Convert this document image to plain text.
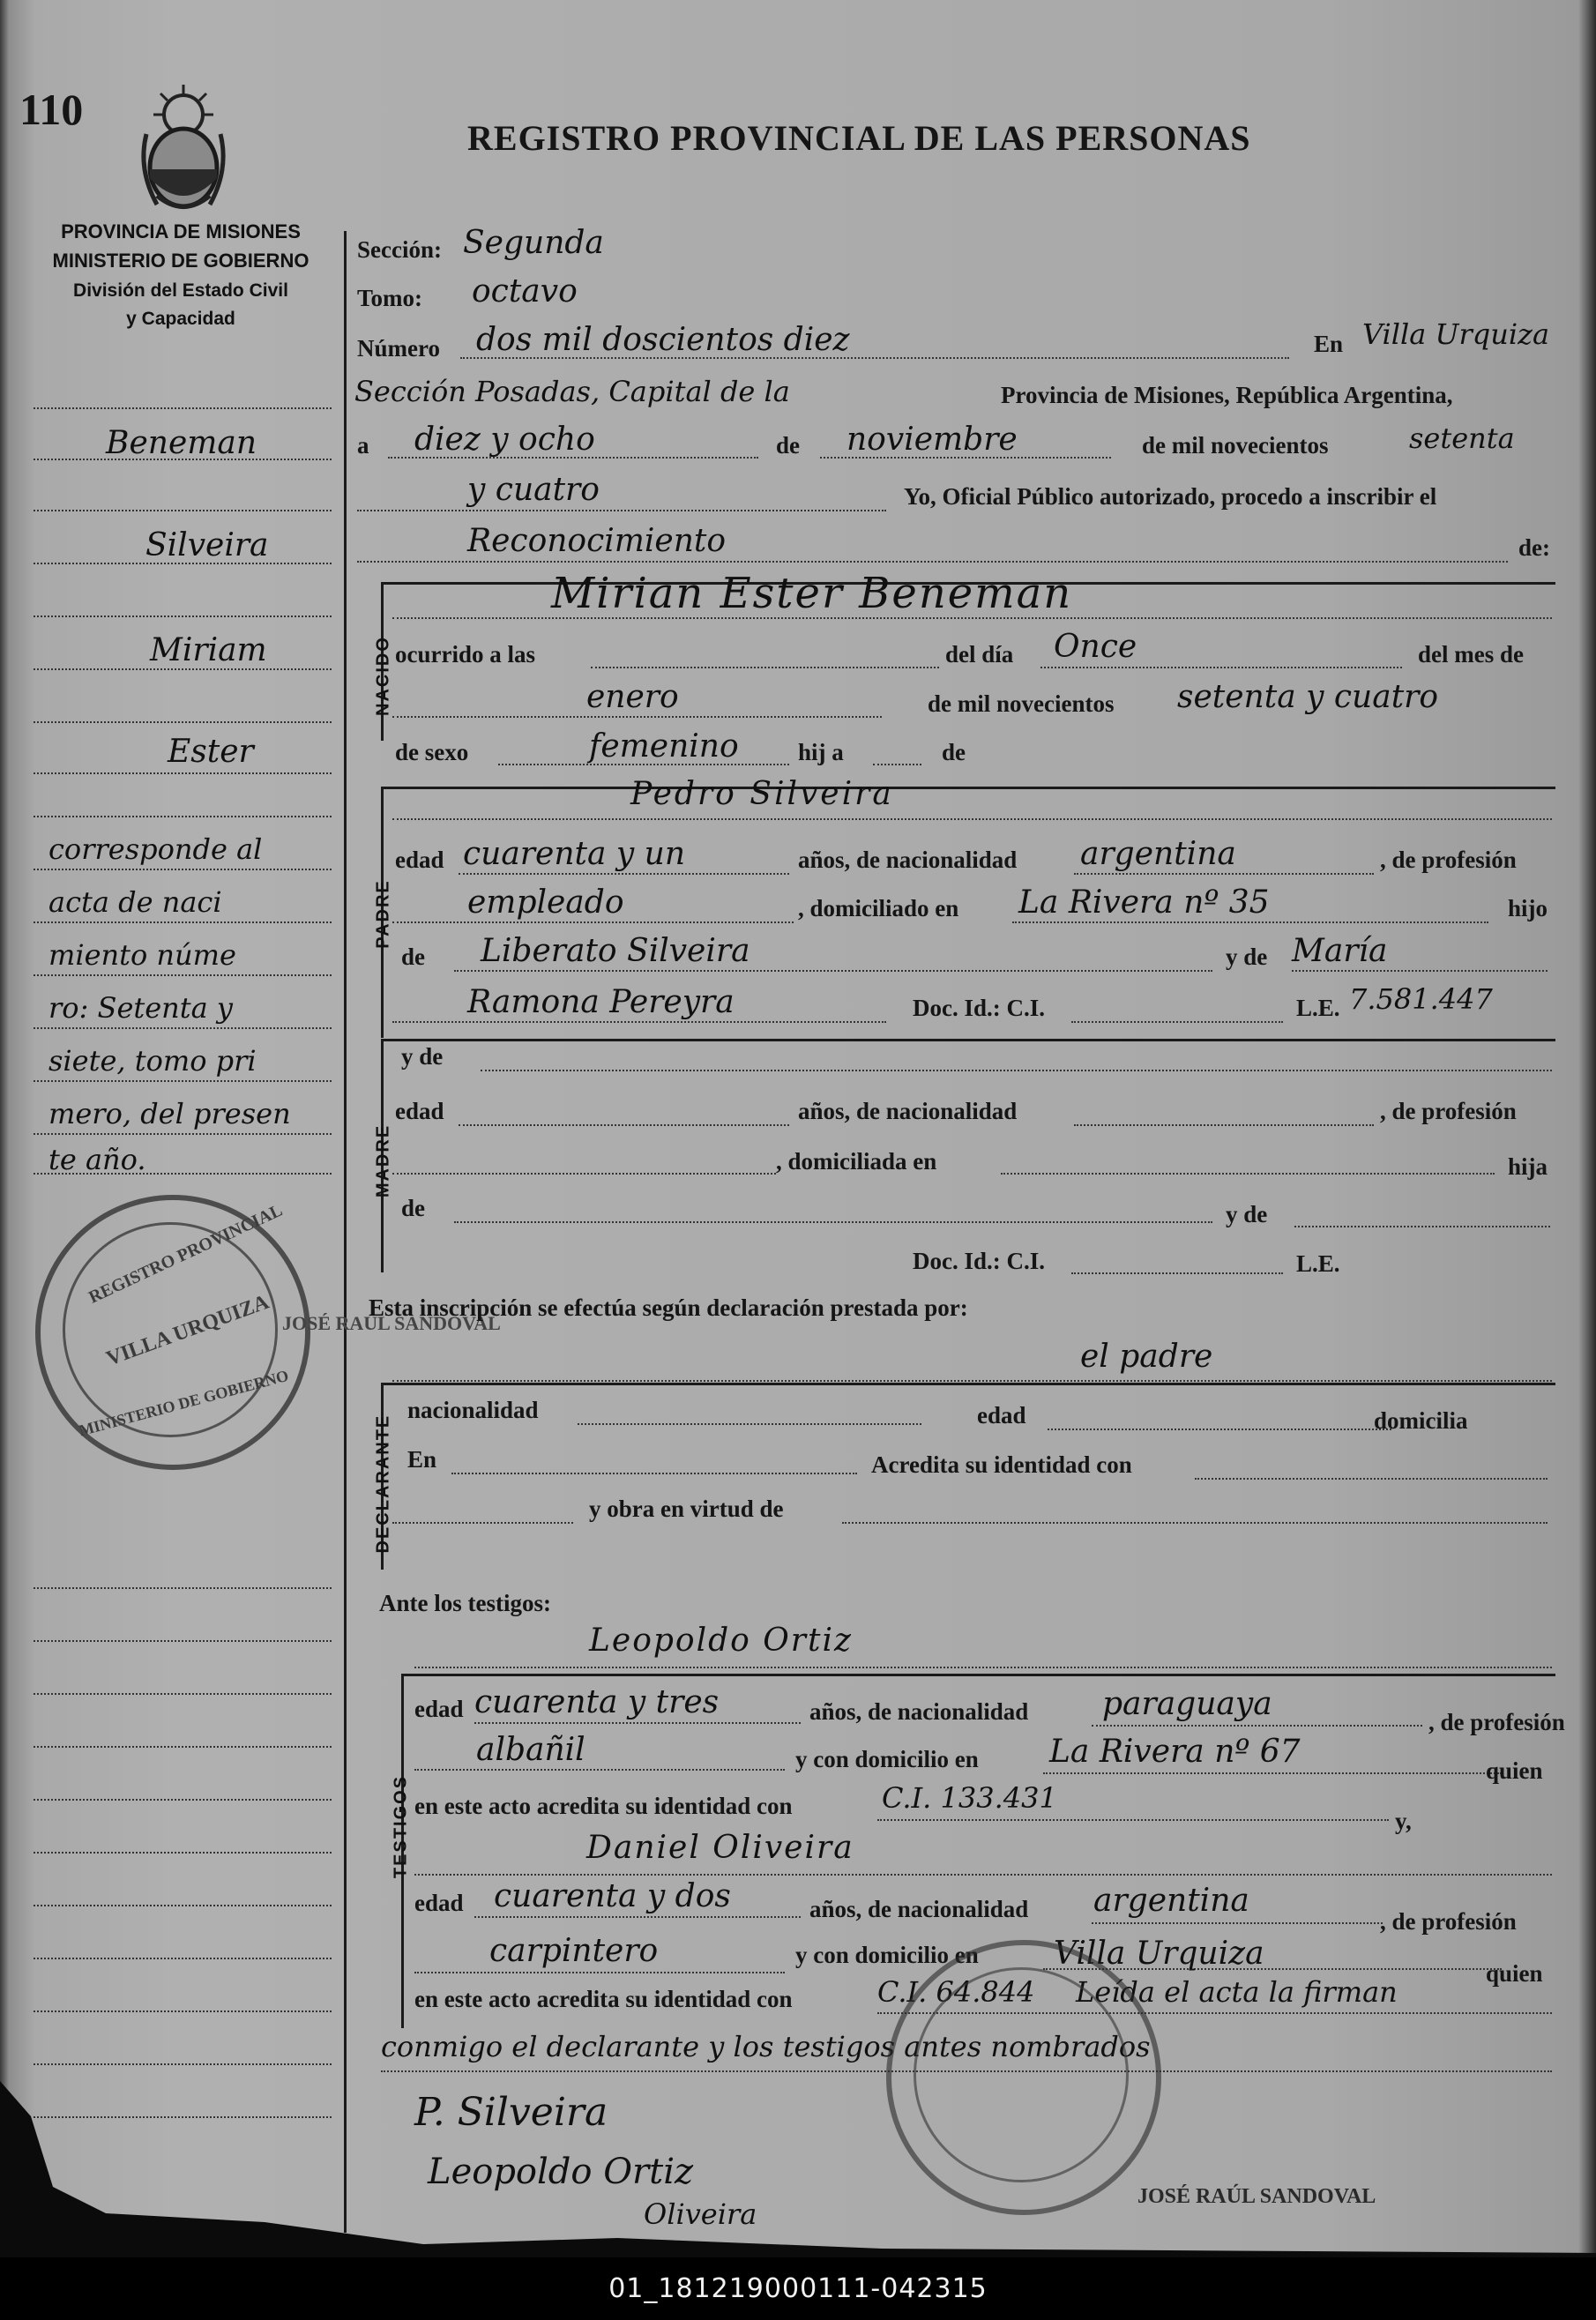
110
REGISTRO PROVINCIAL DE LAS PERSONAS
PROVINCIA DE MISIONES
MINISTERIO DE GOBIERNO
División del Estado Civil
y Capacidad
Beneman
Silveira
Miriam
Ester
corresponde al
acta de naci
miento núme
ro: Setenta y
siete, tomo pri
mero, del presen
te año.
REGISTRO PROVINCIAL
VILLA URQUIZA
MINISTERIO DE GOBIERNO
JOSÉ RAÚL SANDOVAL
Sección: Segunda
Tomo: octavo
Número dos mil doscientos diez	En Villa Urquiza
Sección Posadas, Capital de la	Provincia de Misiones, República Argentina,
a diez y ocho	de noviembre	de mil novecientos	setenta
y cuatro	Yo, Oficial Público autorizado, procedo a inscribir el
Reconocimiento	de:
NACIDO
Mirian Ester Beneman
ocurrido a las	del día Once	del mes de
enero	de mil novecientos setenta y cuatro
de sexo	femenino hij a	de
PADRE
Pedro Silveira
edad cuarenta y un	años, de nacionalidad argentina	, de profesión
empleado	, domiciliado en La Rivera nº 35	hijo
de Liberato Silveira	y de María
Ramona Pereyra	Doc. Id.: C.I.	L.E. 7.581.447
MADRE
y de
edad	años, de nacionalidad	, de profesión
, domiciliada en	hija
de	y de
Doc. Id.: C.I.	L.E.
Esta inscripción se efectúa según declaración prestada por:
DECLARANTE
el padre
nacionalidad	edad	domicilia
En	Acredita su identidad con
y obra en virtud de
Ante los testigos:
TESTIGOS
Leopoldo Ortiz
edad cuarenta y tres	años, de nacionalidad paraguaya	, de profesión
albañil	y con domicilio en La Rivera nº 67
quien
en este acto acredita su identidad con	C.I. 133.431
y,
Daniel Oliveira
edad cuarenta y dos	años, de nacionalidad argentina
, de profesión
carpintero	y con domicilio en Villa Urquiza
quien
en este acto acredita su identidad con	C.I. 64.844 Leída el acta la firman
conmigo el declarante y los testigos antes nombrados
P. Silveira
Leopoldo Ortiz
Oliveira
JOSÉ RAÚL SANDOVAL
01_181219000111-042315
